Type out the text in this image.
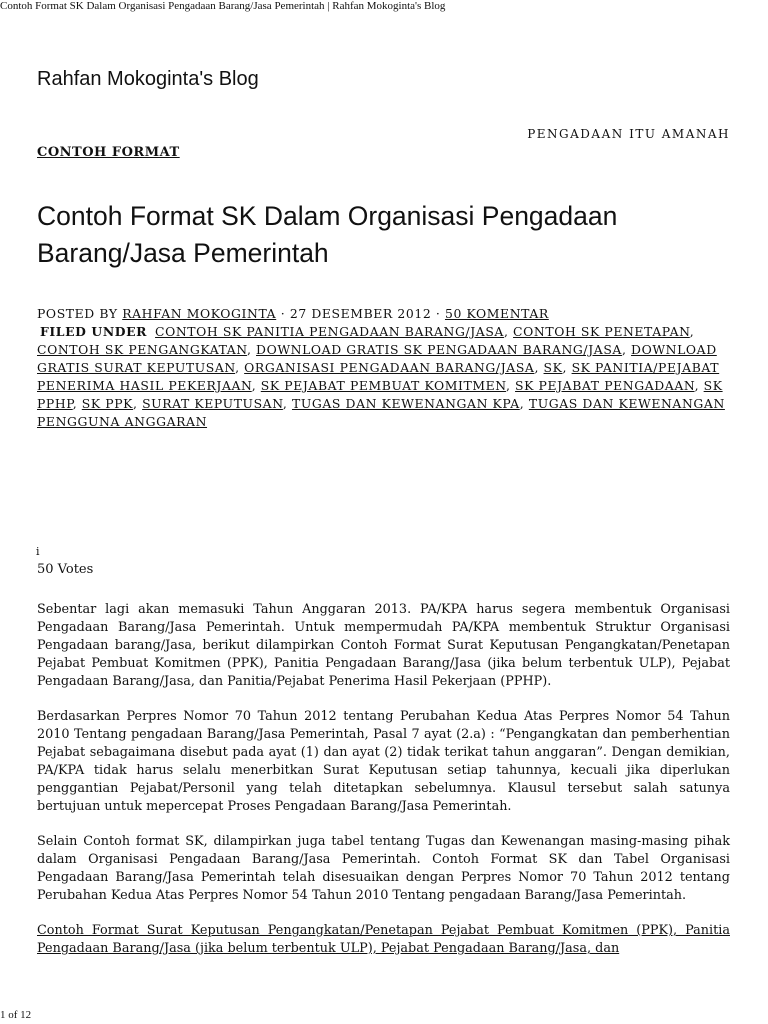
Contoh Format SK Dalam Organisasi Pengadaan Barang/Jasa Pemerintah | Rahfan Mokoginta's Blog
Rahfan Mokoginta's Blog
PENGADAAN ITU AMANAH
CONTOH FORMAT
Contoh Format SK Dalam Organisasi Pengadaan Barang/Jasa Pemerintah
POSTED BY RAHFAN MOKOGINTA · 27 DESEMBER 2012 · 50 KOMENTAR
FILED UNDER CONTOH SK PANITIA PENGADAAN BARANG/JASA, CONTOH SK PENETAPAN, CONTOH SK PENGANGKATAN, DOWNLOAD GRATIS SK PENGADAAN BARANG/JASA, DOWNLOAD GRATIS SURAT KEPUTUSAN, ORGANISASI PENGADAAN BARANG/JASA, SK, SK PANITIA/PEJABAT PENERIMA HASIL PEKERJAAN, SK PEJABAT PEMBUAT KOMITMEN, SK PEJABAT PENGADAAN, SK PPHP, SK PPK, SURAT KEPUTUSAN, TUGAS DAN KEWENANGAN KPA, TUGAS DAN KEWENANGAN PENGGUNA ANGGARAN
i
50 Votes

Sebentar lagi akan memasuki Tahun Anggaran 2013. PA/KPA harus segera membentuk Organisasi Pengadaan Barang/Jasa Pemerintah. Untuk mempermudah PA/KPA membentuk Struktur Organisasi Pengadaan barang/Jasa, berikut dilampirkan Contoh Format Surat Keputusan Pengangkatan/Penetapan Pejabat Pembuat Komitmen (PPK), Panitia Pengadaan Barang/Jasa (jika belum terbentuk ULP), Pejabat Pengadaan Barang/Jasa, dan Panitia/Pejabat Penerima Hasil Pekerjaan (PPHP).

Berdasarkan Perpres Nomor 70 Tahun 2012 tentang Perubahan Kedua Atas Perpres Nomor 54 Tahun 2010 Tentang pengadaan Barang/Jasa Pemerintah, Pasal 7 ayat (2.a) : “Pengangkatan dan pemberhentian Pejabat sebagaimana disebut pada ayat (1) dan ayat (2) tidak terikat tahun anggaran”. Dengan demikian, PA/KPA tidak harus selalu menerbitkan Surat Keputusan setiap tahunnya, kecuali jika diperlukan penggantian Pejabat/Personil yang telah ditetapkan sebelumnya. Klausul tersebut salah satunya bertujuan untuk mepercepat Proses Pengadaan Barang/Jasa Pemerintah.

Selain Contoh format SK, dilampirkan juga tabel tentang Tugas dan Kewenangan masing-masing pihak dalam Organisasi Pengadaan Barang/Jasa Pemerintah. Contoh Format SK dan Tabel Organisasi Pengadaan Barang/Jasa Pemerintah telah disesuaikan dengan Perpres Nomor 70 Tahun 2012 tentang Perubahan Kedua Atas Perpres Nomor 54 Tahun 2010 Tentang pengadaan Barang/Jasa Pemerintah.

Contoh Format Surat Keputusan Pengangkatan/Penetapan Pejabat Pembuat Komitmen (PPK), Panitia Pengadaan Barang/Jasa (jika belum terbentuk ULP), Pejabat Pengadaan Barang/Jasa, dan

1 of 12
